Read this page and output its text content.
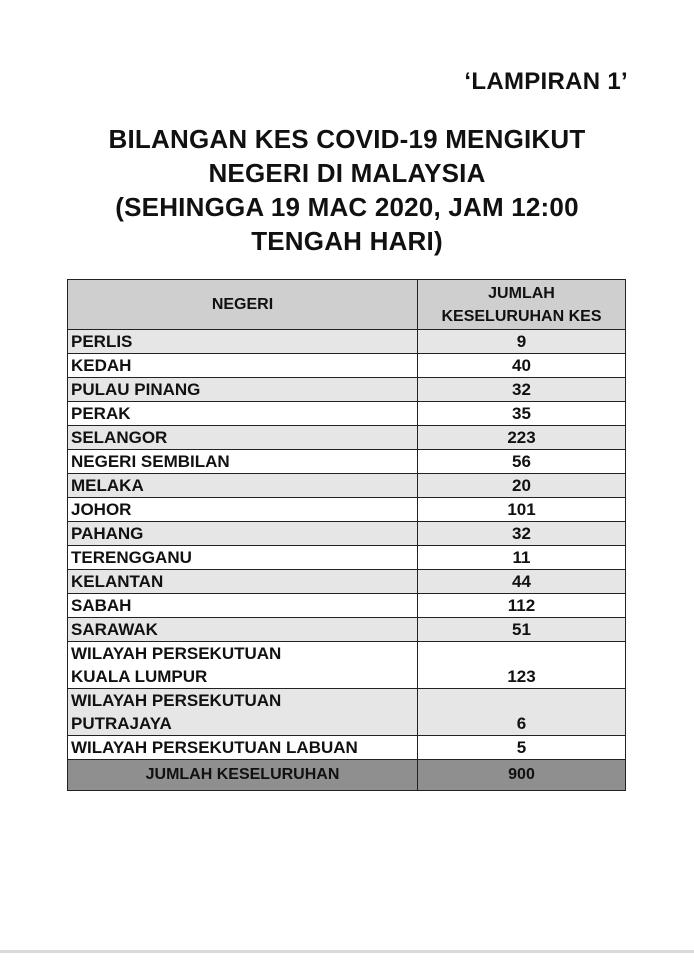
‘LAMPIRAN 1’
BILANGAN KES COVID-19 MENGIKUT
NEGERI DI MALAYSIA
(SEHINGGA 19 MAC 2020, JAM 12:00
TENGAH HARI)
NEGERI	JUMLAH
KESELURUHAN KES

PERLIS	9
KEDAH	40
PULAU PINANG	32
PERAK	35
SELANGOR	223
NEGERI SEMBILAN	56
MELAKA	20
JOHOR	101
PAHANG	32
TERENGGANU	11
KELANTAN	44
SABAH	112
SARAWAK	51

WILAYAH PERSEKUTUAN
KUALA LUMPUR	123

WILAYAH PERSEKUTUAN
PUTRAJAYA	6
WILAYAH PERSEKUTUAN LABUAN	5
JUMLAH KESELURUHAN	900
